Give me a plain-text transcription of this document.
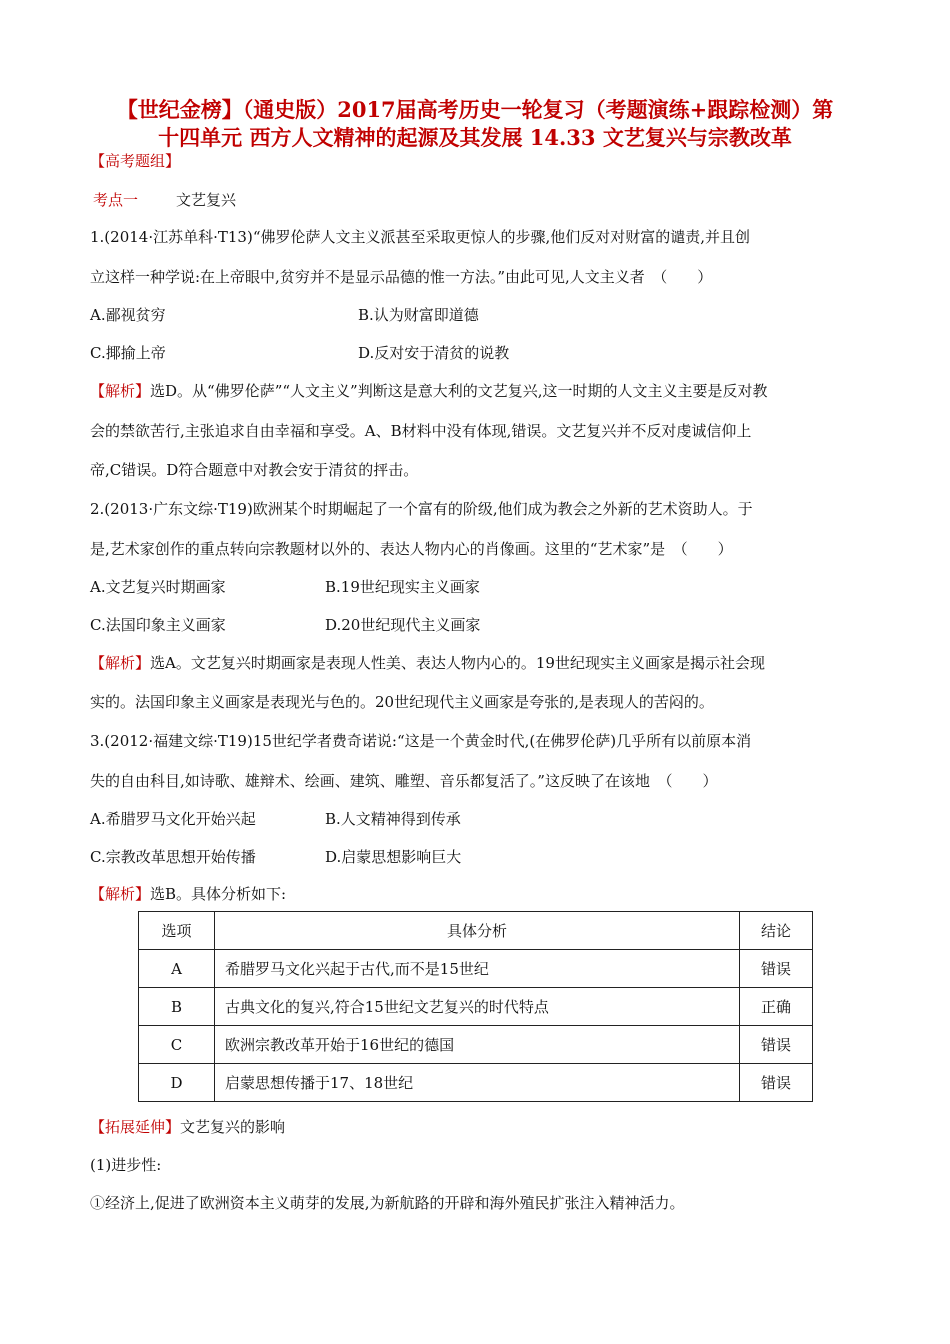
【世纪金榜】（通史版）2017届高考历史一轮复习（考题演练+跟踪检测）第
十四单元 西方人文精神的起源及其发展 14.33 文艺复兴与宗教改革
【高考题组】
考点一	文艺复兴
1.(2014·江苏单科·T13)“佛罗伦萨人文主义派甚至采取更惊人的步骤,他们反对对财富的谴责,并且创
立这样一种学说:在上帝眼中,贫穷并不是显示品德的惟一方法。”由此可见,人文主义者　（　　）
A.鄙视贫穷	B.认为财富即道德
C.揶揄上帝	D.反对安于清贫的说教
【解析】选D。从“佛罗伦萨”“人文主义”判断这是意大利的文艺复兴,这一时期的人文主义主要是反对教
会的禁欲苦行,主张追求自由幸福和享受。A、B材料中没有体现,错误。文艺复兴并不反对虔诚信仰上
帝,C错误。D符合题意中对教会安于清贫的抨击。
2.(2013·广东文综·T19)欧洲某个时期崛起了一个富有的阶级,他们成为教会之外新的艺术资助人。于
是,艺术家创作的重点转向宗教题材以外的、表达人物内心的肖像画。这里的“艺术家”是　（　　）
A.文艺复兴时期画家	B.19世纪现实主义画家
C.法国印象主义画家	D.20世纪现代主义画家
【解析】选A。文艺复兴时期画家是表现人性美、表达人物内心的。19世纪现实主义画家是揭示社会现
实的。法国印象主义画家是表现光与色的。20世纪现代主义画家是夸张的,是表现人的苦闷的。
3.(2012·福建文综·T19)15世纪学者费奇诺说:“这是一个黄金时代,(在佛罗伦萨)几乎所有以前原本消
失的自由科目,如诗歌、雄辩术、绘画、建筑、雕塑、音乐都复活了。”这反映了在该地　（　　）
A.希腊罗马文化开始兴起	B.人文精神得到传承
C.宗教改革思想开始传播	D.启蒙思想影响巨大
【解析】选B。具体分析如下:
选项	具体分析	结论
A	希腊罗马文化兴起于古代,而不是15世纪	错误
B	古典文化的复兴,符合15世纪文艺复兴的时代特点	正确
C	欧洲宗教改革开始于16世纪的德国	错误
D	启蒙思想传播于17、18世纪	错误
【拓展延伸】文艺复兴的影响
(1)进步性:
①经济上,促进了欧洲资本主义萌芽的发展,为新航路的开辟和海外殖民扩张注入精神活力。
